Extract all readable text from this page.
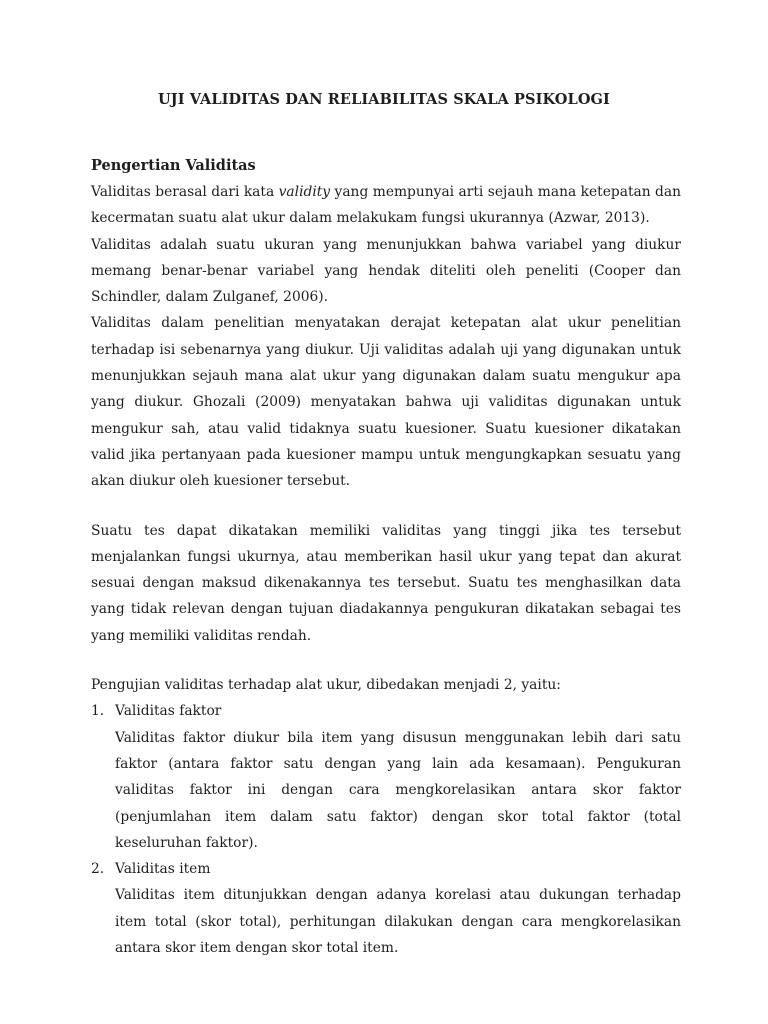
UJI VALIDITAS DAN RELIABILITAS SKALA PSIKOLOGI
Pengertian Validitas

Validitas berasal dari kata validity yang mempunyai arti sejauh mana ketepatan dan kecermatan suatu alat ukur dalam melakukam fungsi ukurannya (Azwar, 2013).

Validitas adalah suatu ukuran yang menunjukkan bahwa variabel yang diukur memang benar-benar variabel yang hendak diteliti oleh peneliti (Cooper dan Schindler, dalam Zulganef, 2006).

Validitas dalam penelitian menyatakan derajat ketepatan alat ukur penelitian terhadap isi sebenarnya yang diukur. Uji validitas adalah uji yang digunakan untuk menunjukkan sejauh mana alat ukur yang digunakan dalam suatu mengukur apa yang diukur. Ghozali (2009) menyatakan bahwa uji validitas digunakan untuk mengukur sah, atau valid tidaknya suatu kuesioner. Suatu kuesioner dikatakan valid jika pertanyaan pada kuesioner mampu untuk mengungkapkan sesuatu yang akan diukur oleh kuesioner tersebut.

Suatu tes dapat dikatakan memiliki validitas yang tinggi jika tes tersebut menjalankan fungsi ukurnya, atau memberikan hasil ukur yang tepat dan akurat sesuai dengan maksud dikenakannya tes tersebut. Suatu tes menghasilkan data yang tidak relevan dengan tujuan diadakannya pengukuran dikatakan sebagai tes yang memiliki validitas rendah.

Pengujian validitas terhadap alat ukur, dibedakan menjadi 2, yaitu:

1. Validitas faktor

Validitas faktor diukur bila item yang disusun menggunakan lebih dari satu faktor (antara faktor satu dengan yang lain ada kesamaan). Pengukuran validitas faktor ini dengan cara mengkorelasikan antara skor faktor (penjumlahan item dalam satu faktor) dengan skor total faktor (total keseluruhan faktor).

2. Validitas item

Validitas item ditunjukkan dengan adanya korelasi atau dukungan terhadap item total (skor total), perhitungan dilakukan dengan cara mengkorelasikan antara skor item dengan skor total item.
